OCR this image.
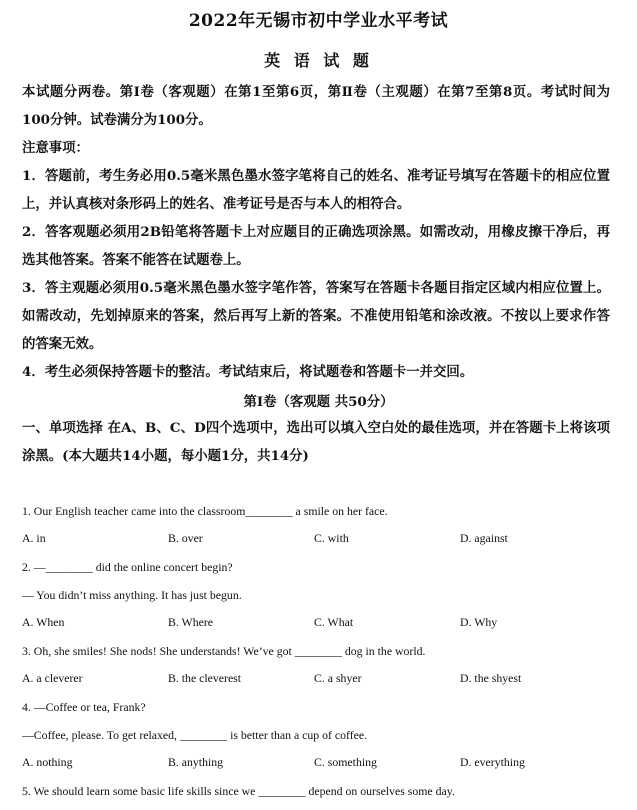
2022年无锡市初中学业水平考试
英 语 试 题
本试题分两卷。第Ⅰ卷（客观题）在第1至第6页，第Ⅱ卷（主观题）在第7至第8页。考试时间为100分钟。试卷满分为100分。
注意事项：
1．答题前，考生务必用0.5毫米黑色墨水签字笔将自己的姓名、准考证号填写在答题卡的相应位置上，并认真核对条形码上的姓名、准考证号是否与本人的相符合。
2．答客观题必须用2B铅笔将答题卡上对应题目的正确选项涂黑。如需改动，用橡皮擦干净后，再选其他答案。答案不能答在试题卷上。
3．答主观题必须用0.5毫米黑色墨水签字笔作答，答案写在答题卡各题目指定区域内相应位置上。如需改动，先划掉原来的答案，然后再写上新的答案。不准使用铅笔和涂改液。不按以上要求作答的答案无效。
4．考生必须保持答题卡的整洁。考试结束后，将试题卷和答题卡一并交回。
第Ⅰ卷（客观题 共50分）
一、单项选择 在A、B、C、D四个选项中，选出可以填入空白处的最佳选项，并在答题卡上将该项涂黑。(本大题共14小题，每小题1分，共14分)
1. Our English teacher came into the classroom________ a smile on her face.
A. in	B. over	C. with	D. against
2. —________ did the online concert begin?
— You didn’t miss anything. It has just begun.
A. When	B. Where	C. What	D. Why
3. Oh, she smiles! She nods! She understands! We’ve got ________ dog in the world.
A. a cleverer	B. the cleverest	C. a shyer	D. the shyest
4. —Coffee or tea, Frank?
—Coffee, please. To get relaxed, ________ is better than a cup of coffee.
A. nothing	B. anything	C. something	D. everything
5. We should learn some basic life skills since we ________ depend on ourselves some day.
